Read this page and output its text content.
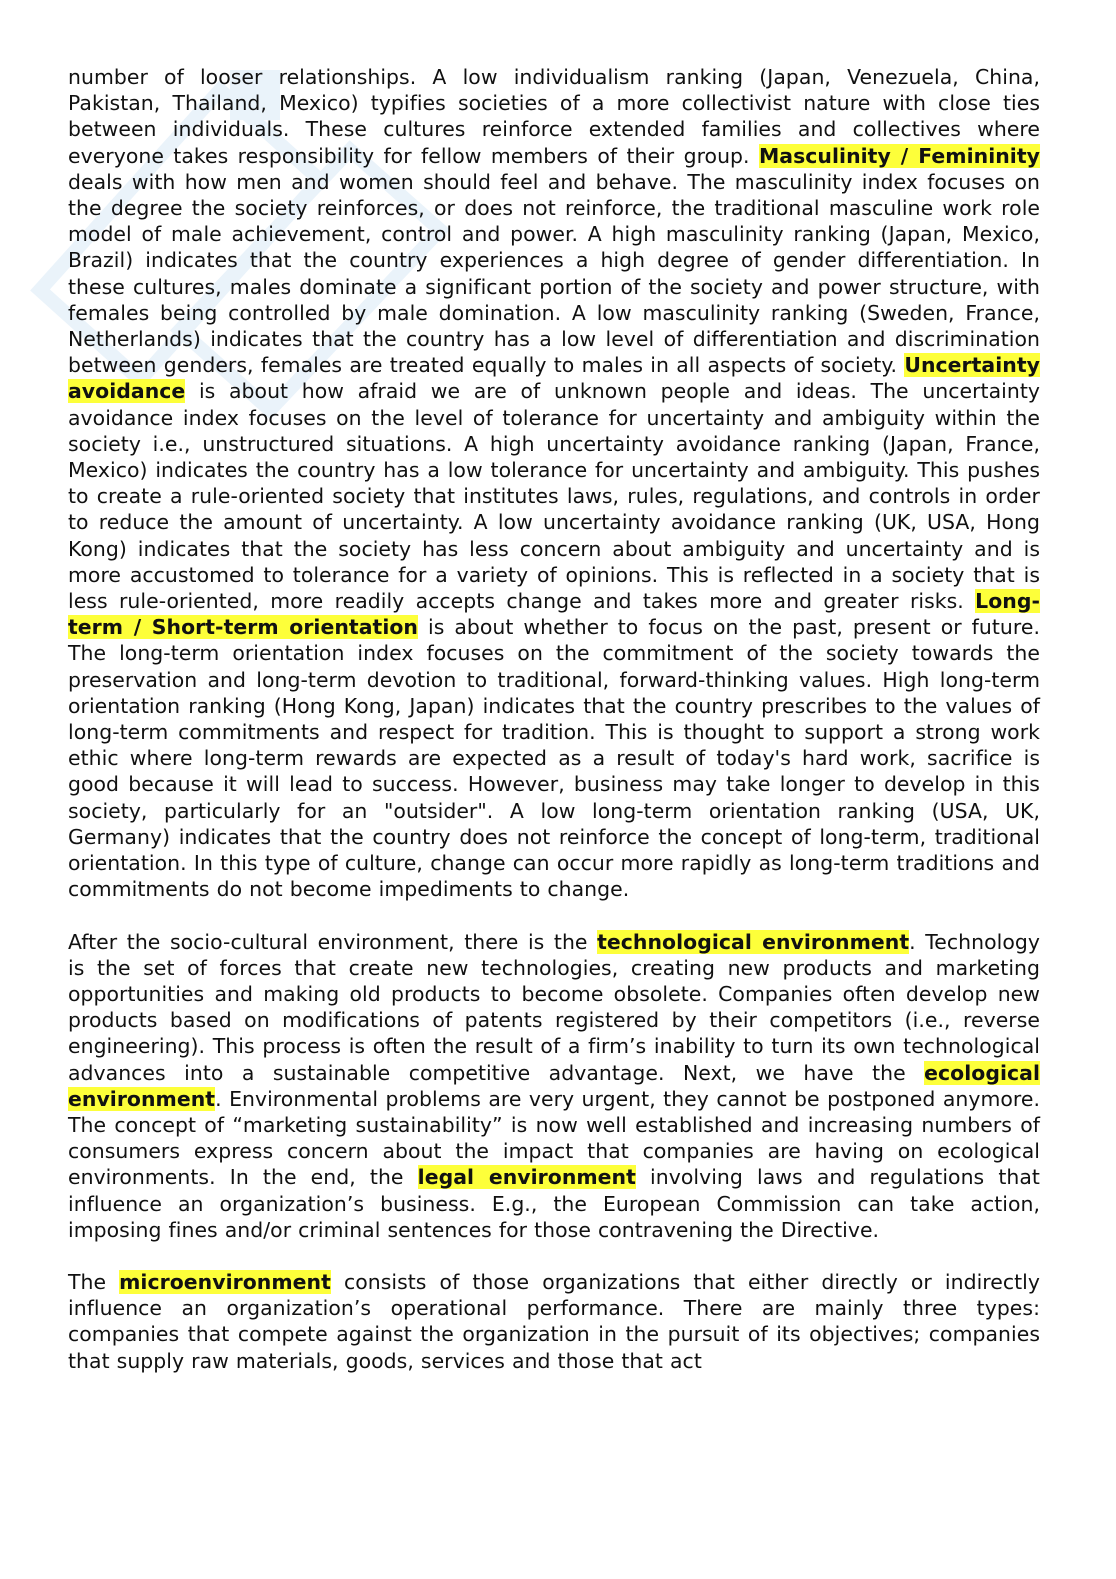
number of looser relationships. A low individualism ranking (Japan, Venezuela, China, Pakistan, Thailand, Mexico) typifies societies of a more collectivist nature with close ties between individuals. These cultures reinforce extended families and collectives where everyone takes responsibility for fellow members of their group. Masculinity / Femininity deals with how men and women should feel and behave. The masculinity index focuses on the degree the society reinforces, or does not reinforce, the traditional masculine work role model of male achievement, control and power. A high masculinity ranking (Japan, Mexico, Brazil) indicates that the country experiences a high degree of gender differentiation. In these cultures, males dominate a significant portion of the society and power structure, with females being controlled by male domination. A low masculinity ranking (Sweden, France, Netherlands) indicates that the country has a low level of differentiation and discrimination between genders, females are treated equally to males in all aspects of society. Uncertainty avoidance is about how afraid we are of unknown people and ideas. The uncertainty avoidance index focuses on the level of tolerance for uncertainty and ambiguity within the society i.e., unstructured situations. A high uncertainty avoidance ranking (Japan, France, Mexico) indicates the country has a low tolerance for uncertainty and ambiguity. This pushes to create a rule-oriented society that institutes laws, rules, regulations, and controls in order to reduce the amount of uncertainty. A low uncertainty avoidance ranking (UK, USA, Hong Kong) indicates that the society has less concern about ambiguity and uncertainty and is more accustomed to tolerance for a variety of opinions. This is reflected in a society that is less rule-oriented, more readily accepts change and takes more and greater risks. Long-term / Short-term orientation is about whether to focus on the past, present or future. The long-term orientation index focuses on the commitment of the society towards the preservation and long-term devotion to traditional, forward-thinking values. High long-term orientation ranking (Hong Kong, Japan) indicates that the country prescribes to the values of long-term commitments and respect for tradition. This is thought to support a strong work ethic where long-term rewards are expected as a result of today's hard work, sacrifice is good because it will lead to success. However, business may take longer to develop in this society, particularly for an "outsider". A low long-term orientation ranking (USA, UK, Germany) indicates that the country does not reinforce the concept of long-term, traditional orientation. In this type of culture, change can occur more rapidly as long-term traditions and commitments do not become impediments to change.

After the socio-cultural environment, there is the technological environment. Technology is the set of forces that create new technologies, creating new products and marketing opportunities and making old products to become obsolete. Companies often develop new products based on modifications of patents registered by their competitors (i.e., reverse engineering). This process is often the result of a firm’s inability to turn its own technological advances into a sustainable competitive advantage. Next, we have the ecological environment. Environmental problems are very urgent, they cannot be postponed anymore. The concept of “marketing sustainability” is now well established and increasing numbers of consumers express concern about the impact that companies are having on ecological environments. In the end, the legal environment involving laws and regulations that influence an organization’s business. E.g., the European Commission can take action, imposing fines and/or criminal sentences for those contravening the Directive.

The microenvironment consists of those organizations that either directly or indirectly influence an organization’s operational performance. There are mainly three types: companies that compete against the organization in the pursuit of its objectives; companies that supply raw materials, goods, services and those that act
